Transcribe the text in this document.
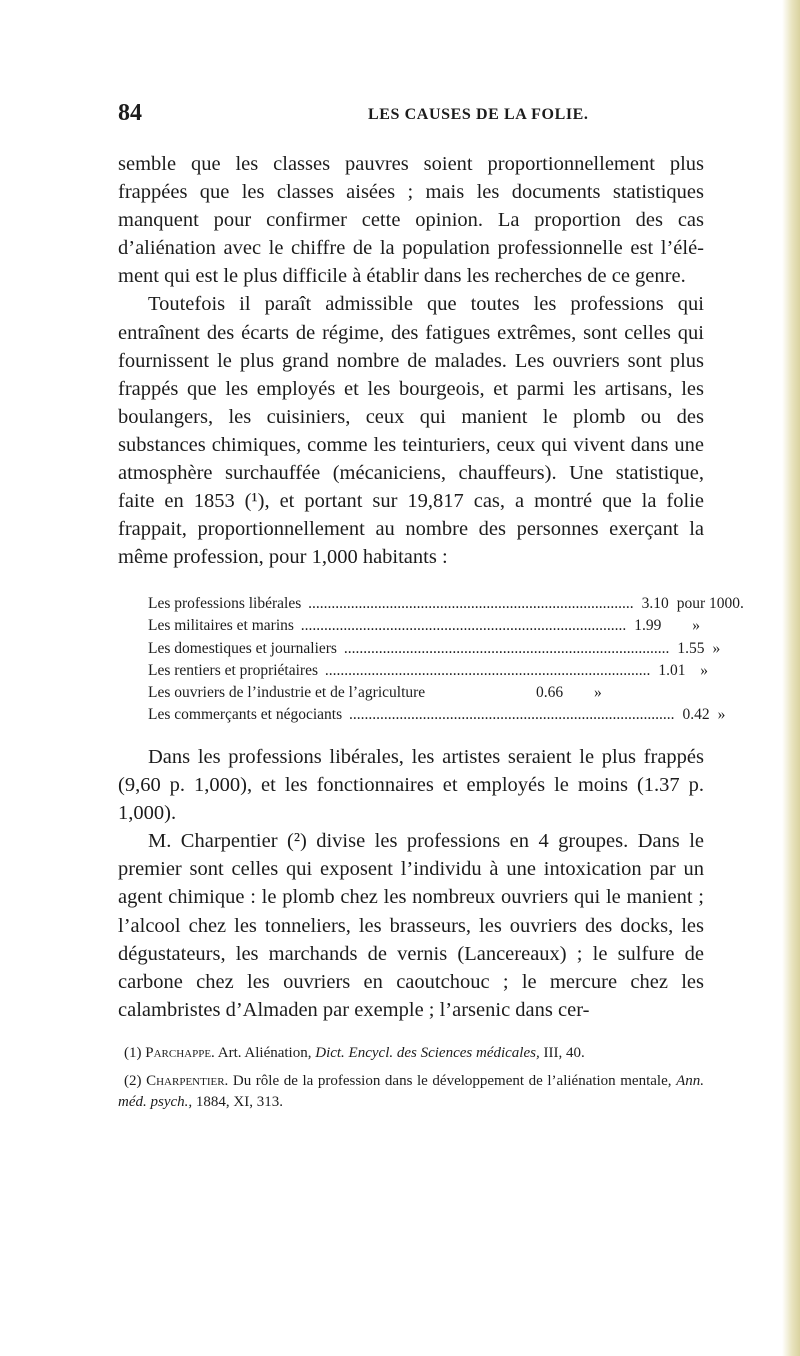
84	LES CAUSES DE LA FOLIE.

semble que les classes pauvres soient proportionnellement plus frappées que les classes aisées ; mais les documents statistiques manquent pour confirmer cette opinion. La proportion des cas d’aliénation avec le chiffre de la population professionnelle est l’élé- ment qui est le plus difficile à établir dans les recherches de ce genre.

Toutefois il paraît admissible que toutes les professions qui entraînent des écarts de régime, des fatigues extrêmes, sont celles qui fournissent le plus grand nombre de malades. Les ouvriers sont plus frappés que les employés et les bourgeois, et parmi les artisans, les boulangers, les cuisiniers, ceux qui manient le plomb ou des substances chimiques, comme les teinturiers, ceux qui vivent dans une atmosphère surchauffée (mécaniciens, chauffeurs). Une statistique, faite en 1853 (¹), et portant sur 19,817 cas, a montré que la folie frappait, proportionnellement au nombre des personnes exerçant la même profession, pour 1,000 habitants :

Les professions libérales .................................................................................... 3.10 pour 1000.
Les militaires et marins .................................................................................... 1.99	»
Les domestiques et journaliers .................................................................................... 1.55 »
Les rentiers et propriétaires .................................................................................... 1.01 »
Les ouvriers de l’industrie et de l’agriculture	0.66	»
Les commerçants et négociants .................................................................................... 0.42 »

Dans les professions libérales, les artistes seraient le plus frappés (9,60 p. 1,000), et les fonctionnaires et employés le moins (1.37 p. 1,000).

M. Charpentier (²) divise les professions en 4 groupes. Dans le premier sont celles qui exposent l’individu à une intoxication par un agent chimique : le plomb chez les nombreux ouvriers qui le manient ; l’alcool chez les tonneliers, les brasseurs, les ouvriers des docks, les dégustateurs, les marchands de vernis (Lancereaux) ; le sulfure de carbone chez les ouvriers en caoutchouc ; le mercure chez les calambristes d’Almaden par exemple ; l’arsenic dans cer-

(1) Parchappe. Art. Aliénation, Dict. Encycl. des Sciences médicales, III, 40.

(2) Charpentier. Du rôle de la profession dans le développement de l’aliénation mentale, Ann. méd. psych., 1884, XI, 313.
